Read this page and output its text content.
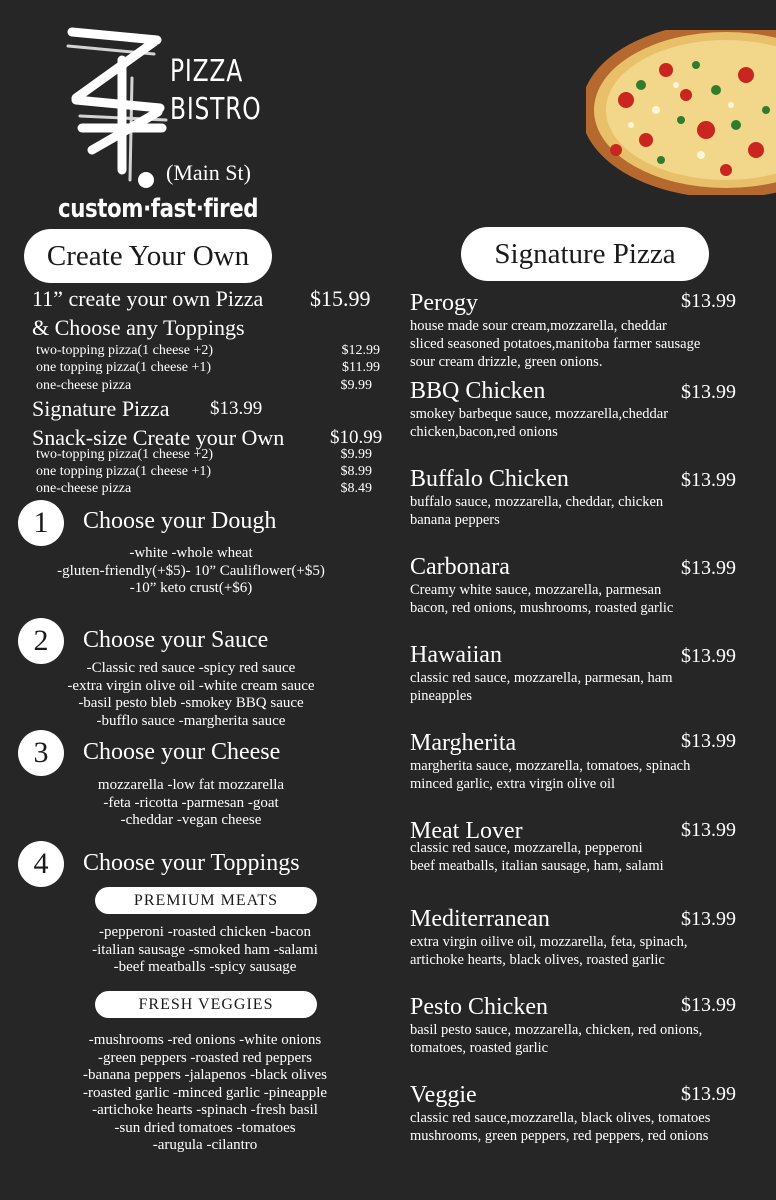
PIZZA
BISTRO
(Main St)
custom·fast·fired
Create Your Own
11” create your own Pizza $15.99
& Choose any Toppings
two-topping pizza(1 cheese +2)	$12.99
one topping pizza(1 cheese +1)	$11.99
one-cheese pizza	$9.99
Signature Pizza $13.99
Snack-size Create your Own $10.99
two-topping pizza(1 cheese +2)	$9.99
one topping pizza(1 cheese +1)	$8.99
one-cheese pizza	$8.49
1	Choose your Dough
-white -whole wheat
-gluten-friendly(+$5)- 10” Cauliflower(+$5)
-10” keto crust(+$6)
2	Choose your Sauce
-Classic red sauce -spicy red sauce
-extra virgin olive oil -white cream sauce
-basil pesto bleb -smokey BBQ sauce
-bufflo sauce -margherita sauce
3	Choose your Cheese
mozzarella -low fat mozzarella
-feta -ricotta -parmesan -goat
-cheddar -vegan cheese
4	Choose your Toppings
PREMIUM MEATS
-pepperoni -roasted chicken -bacon
-italian sausage -smoked ham -salami
-beef meatballs -spicy sausage
FRESH VEGGIES
-mushrooms -red onions -white onions
-green peppers -roasted red peppers
-banana peppers -jalapenos -black olives
-roasted garlic -minced garlic -pineapple
-artichoke hearts -spinach -fresh basil
-sun dried tomatoes -tomatoes
-arugula -cilantro
Signature Pizza
Perogy
house made sour cream,mozzarella, cheddar
sliced seasoned potatoes,manitoba farmer sausage
sour cream drizzle, green onions.
$13.99
BBQ Chicken
smokey barbeque sauce, mozzarella,cheddar
chicken,bacon,red onions
$13.99
Buffalo Chicken
buffalo sauce, mozzarella, cheddar, chicken
banana peppers
$13.99
Carbonara
Creamy white sauce, mozzarella, parmesan
bacon, red onions, mushrooms, roasted garlic
$13.99
Hawaiian
classic red sauce, mozzarella, parmesan, ham
pineapples
$13.99
Margherita
margherita sauce, mozzarella, tomatoes, spinach
minced garlic, extra virgin olive oil
$13.99
Meat Lover
classic red sauce, mozzarella, pepperoni
beef meatballs, italian sausage, ham, salami
$13.99
Mediterranean
extra virgin oilive oil, mozzarella, feta, spinach,
artichoke hearts, black olives, roasted garlic
$13.99
Pesto Chicken
basil pesto sauce, mozzarella, chicken, red onions,
tomatoes, roasted garlic
$13.99
Veggie
classic red sauce,mozzarella, black olives, tomatoes
mushrooms, green peppers, red peppers, red onions
$13.99
